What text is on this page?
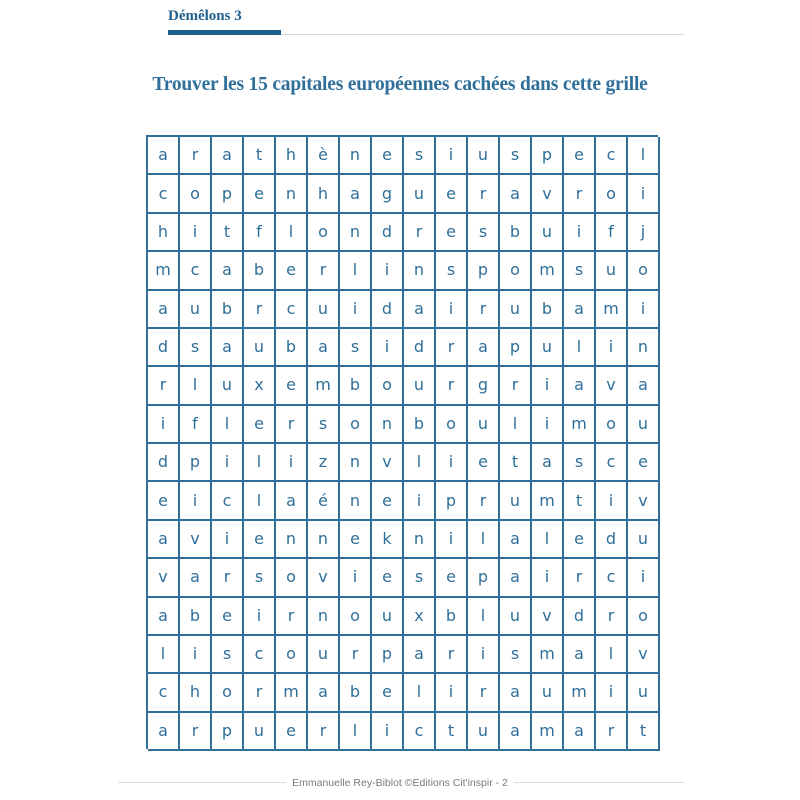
Démêlons 3
Trouver les 15 capitales européennes cachées dans cette grille
a	r	a	t	h	è	n	e	s	i	u	s	p	e	c	l
c	o	p	e	n	h	a	g	u	e	r	a	v	r	o	i
h	i	t	f	l	o	n	d	r	e	s	b	u	i	f	j
m	c	a	b	e	r	l	i	n	s	p	o	m	s	u	o
a	u	b	r	c	u	i	d	a	i	r	u	b	a	m	i
d	s	a	u	b	a	s	i	d	r	a	p	u	l	i	n
r	l	u	x	e	m	b	o	u	r	g	r	i	a	v	a
i	f	l	e	r	s	o	n	b	o	u	l	i	m	o	u
d	p	i	l	i	z	n	v	l	i	e	t	a	s	c	e
e	i	c	l	a	é	n	e	i	p	r	u	m	t	i	v
a	v	i	e	n	n	e	k	n	i	l	a	l	e	d	u
v	a	r	s	o	v	i	e	s	e	p	a	i	r	c	i
a	b	e	i	r	n	o	u	x	b	l	u	v	d	r	o
l	i	s	c	o	u	r	p	a	r	i	s	m	a	l	v
c	h	o	r	m	a	b	e	l	i	r	a	u	m	i	u
a	r	p	u	e	r	l	i	c	t	u	a	m	a	r	t
Emmanuelle Rey-Biblot ©Editions Cit'inspir - 2
